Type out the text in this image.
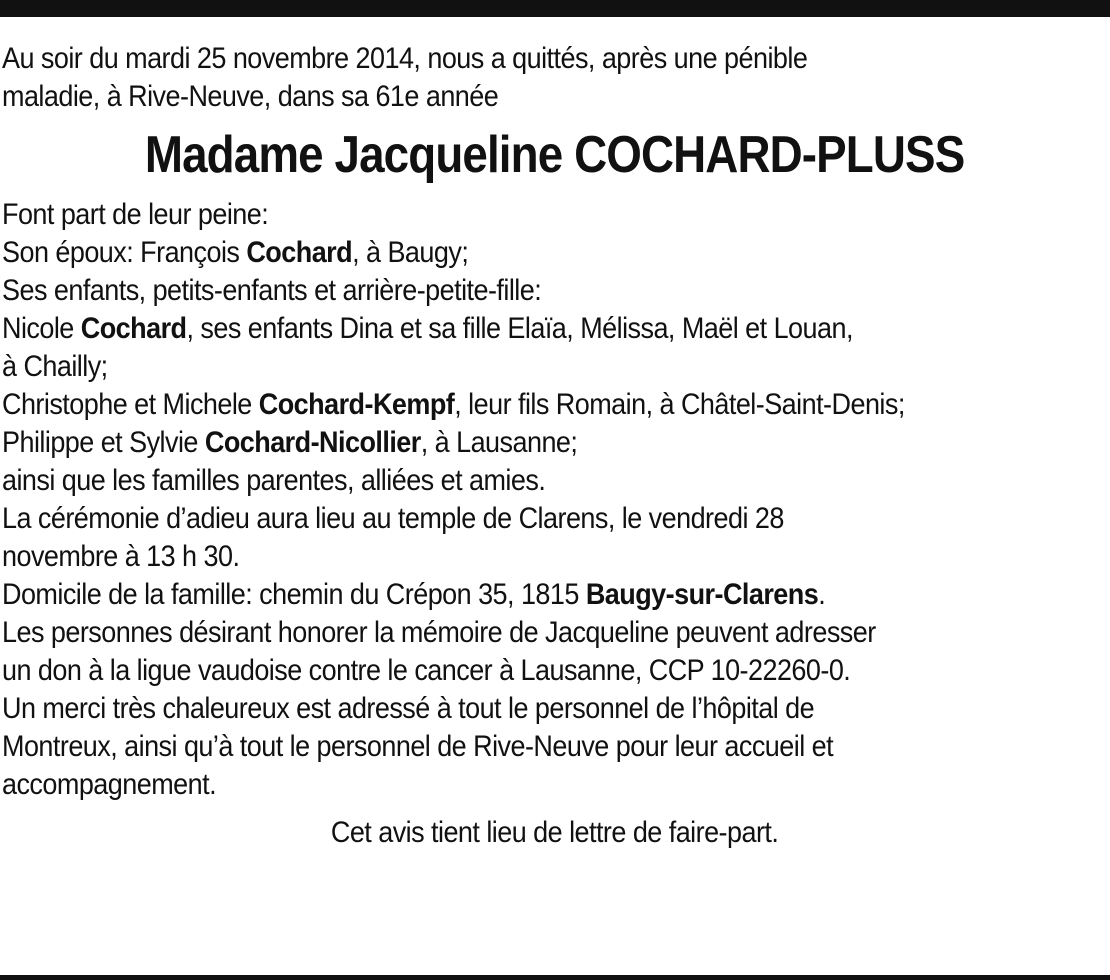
Au soir du mardi 25 novembre 2014, nous a quittés, après une pénible
maladie, à Rive-Neuve, dans sa 61e année
Madame Jacqueline COCHARD-PLUSS
Font part de leur peine:
Son époux: François Cochard, à Baugy;
Ses enfants, petits-enfants et arrière-petite-fille:
Nicole Cochard, ses enfants Dina et sa fille Elaïa, Mélissa, Maël et Louan,
à Chailly;
Christophe et Michele Cochard-Kempf, leur fils Romain, à Châtel-Saint-Denis;
Philippe et Sylvie Cochard-Nicollier, à Lausanne;
ainsi que les familles parentes, alliées et amies.
La cérémonie d’adieu aura lieu au temple de Clarens, le vendredi 28
novembre à 13 h 30.
Domicile de la famille: chemin du Crépon 35, 1815 Baugy-sur-Clarens.
Les personnes désirant honorer la mémoire de Jacqueline peuvent adresser
un don à la ligue vaudoise contre le cancer à Lausanne, CCP 10-22260-0.
Un merci très chaleureux est adressé à tout le personnel de l’hôpital de
Montreux, ainsi qu’à tout le personnel de Rive-Neuve pour leur accueil et
accompagnement.
Cet avis tient lieu de lettre de faire-part.
